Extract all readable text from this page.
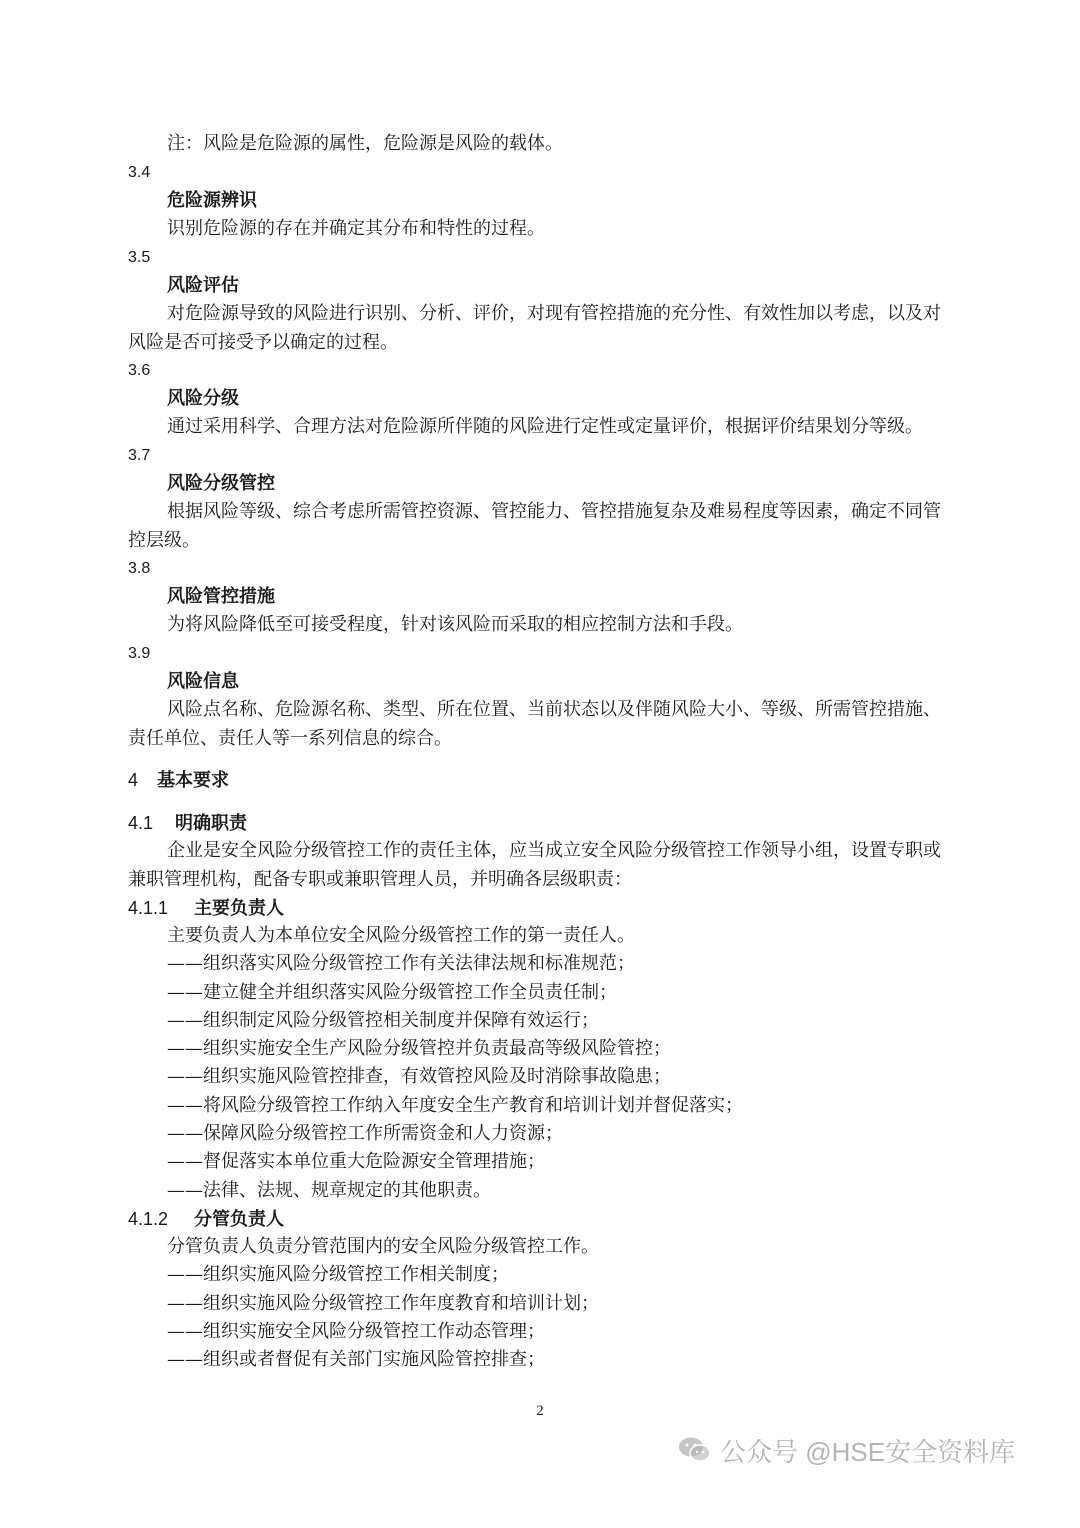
注：风险是危险源的属性，危险源是风险的载体。
3.4
危险源辨识
识别危险源的存在并确定其分布和特性的过程。
3.5
风险评估
对危险源导致的风险进行识别、分析、评价，对现有管控措施的充分性、有效性加以考虑，以及对
风险是否可接受予以确定的过程。
3.6
风险分级
通过采用科学、合理方法对危险源所伴随的风险进行定性或定量评价，根据评价结果划分等级。
3.7
风险分级管控
根据风险等级、综合考虑所需管控资源、管控能力、管控措施复杂及难易程度等因素，确定不同管
控层级。
3.8
风险管控措施
为将风险降低至可接受程度，针对该风险而采取的相应控制方法和手段。
3.9
风险信息
风险点名称、危险源名称、类型、所在位置、当前状态以及伴随风险大小、等级、所需管控措施、
责任单位、责任人等一系列信息的综合。
4 基本要求
4.1 明确职责
企业是安全风险分级管控工作的责任主体，应当成立安全风险分级管控工作领导小组，设置专职或
兼职管理机构，配备专职或兼职管理人员，并明确各层级职责：
4.1.1 主要负责人
主要负责人为本单位安全风险分级管控工作的第一责任人。
——组织落实风险分级管控工作有关法律法规和标准规范；
——建立健全并组织落实风险分级管控工作全员责任制；
——组织制定风险分级管控相关制度并保障有效运行；
——组织实施安全生产风险分级管控并负责最高等级风险管控；
——组织实施风险管控排查，有效管控风险及时消除事故隐患；
——将风险分级管控工作纳入年度安全生产教育和培训计划并督促落实；
——保障风险分级管控工作所需资金和人力资源；
——督促落实本单位重大危险源安全管理措施；
——法律、法规、规章规定的其他职责。
4.1.2 分管负责人
分管负责人负责分管范围内的安全风险分级管控工作。
——组织实施风险分级管控工作相关制度；
——组织实施风险分级管控工作年度教育和培训计划；
——组织实施安全风险分级管控工作动态管理；
——组织或者督促有关部门实施风险管控排查；
2
公众号 @HSE安全资料库
